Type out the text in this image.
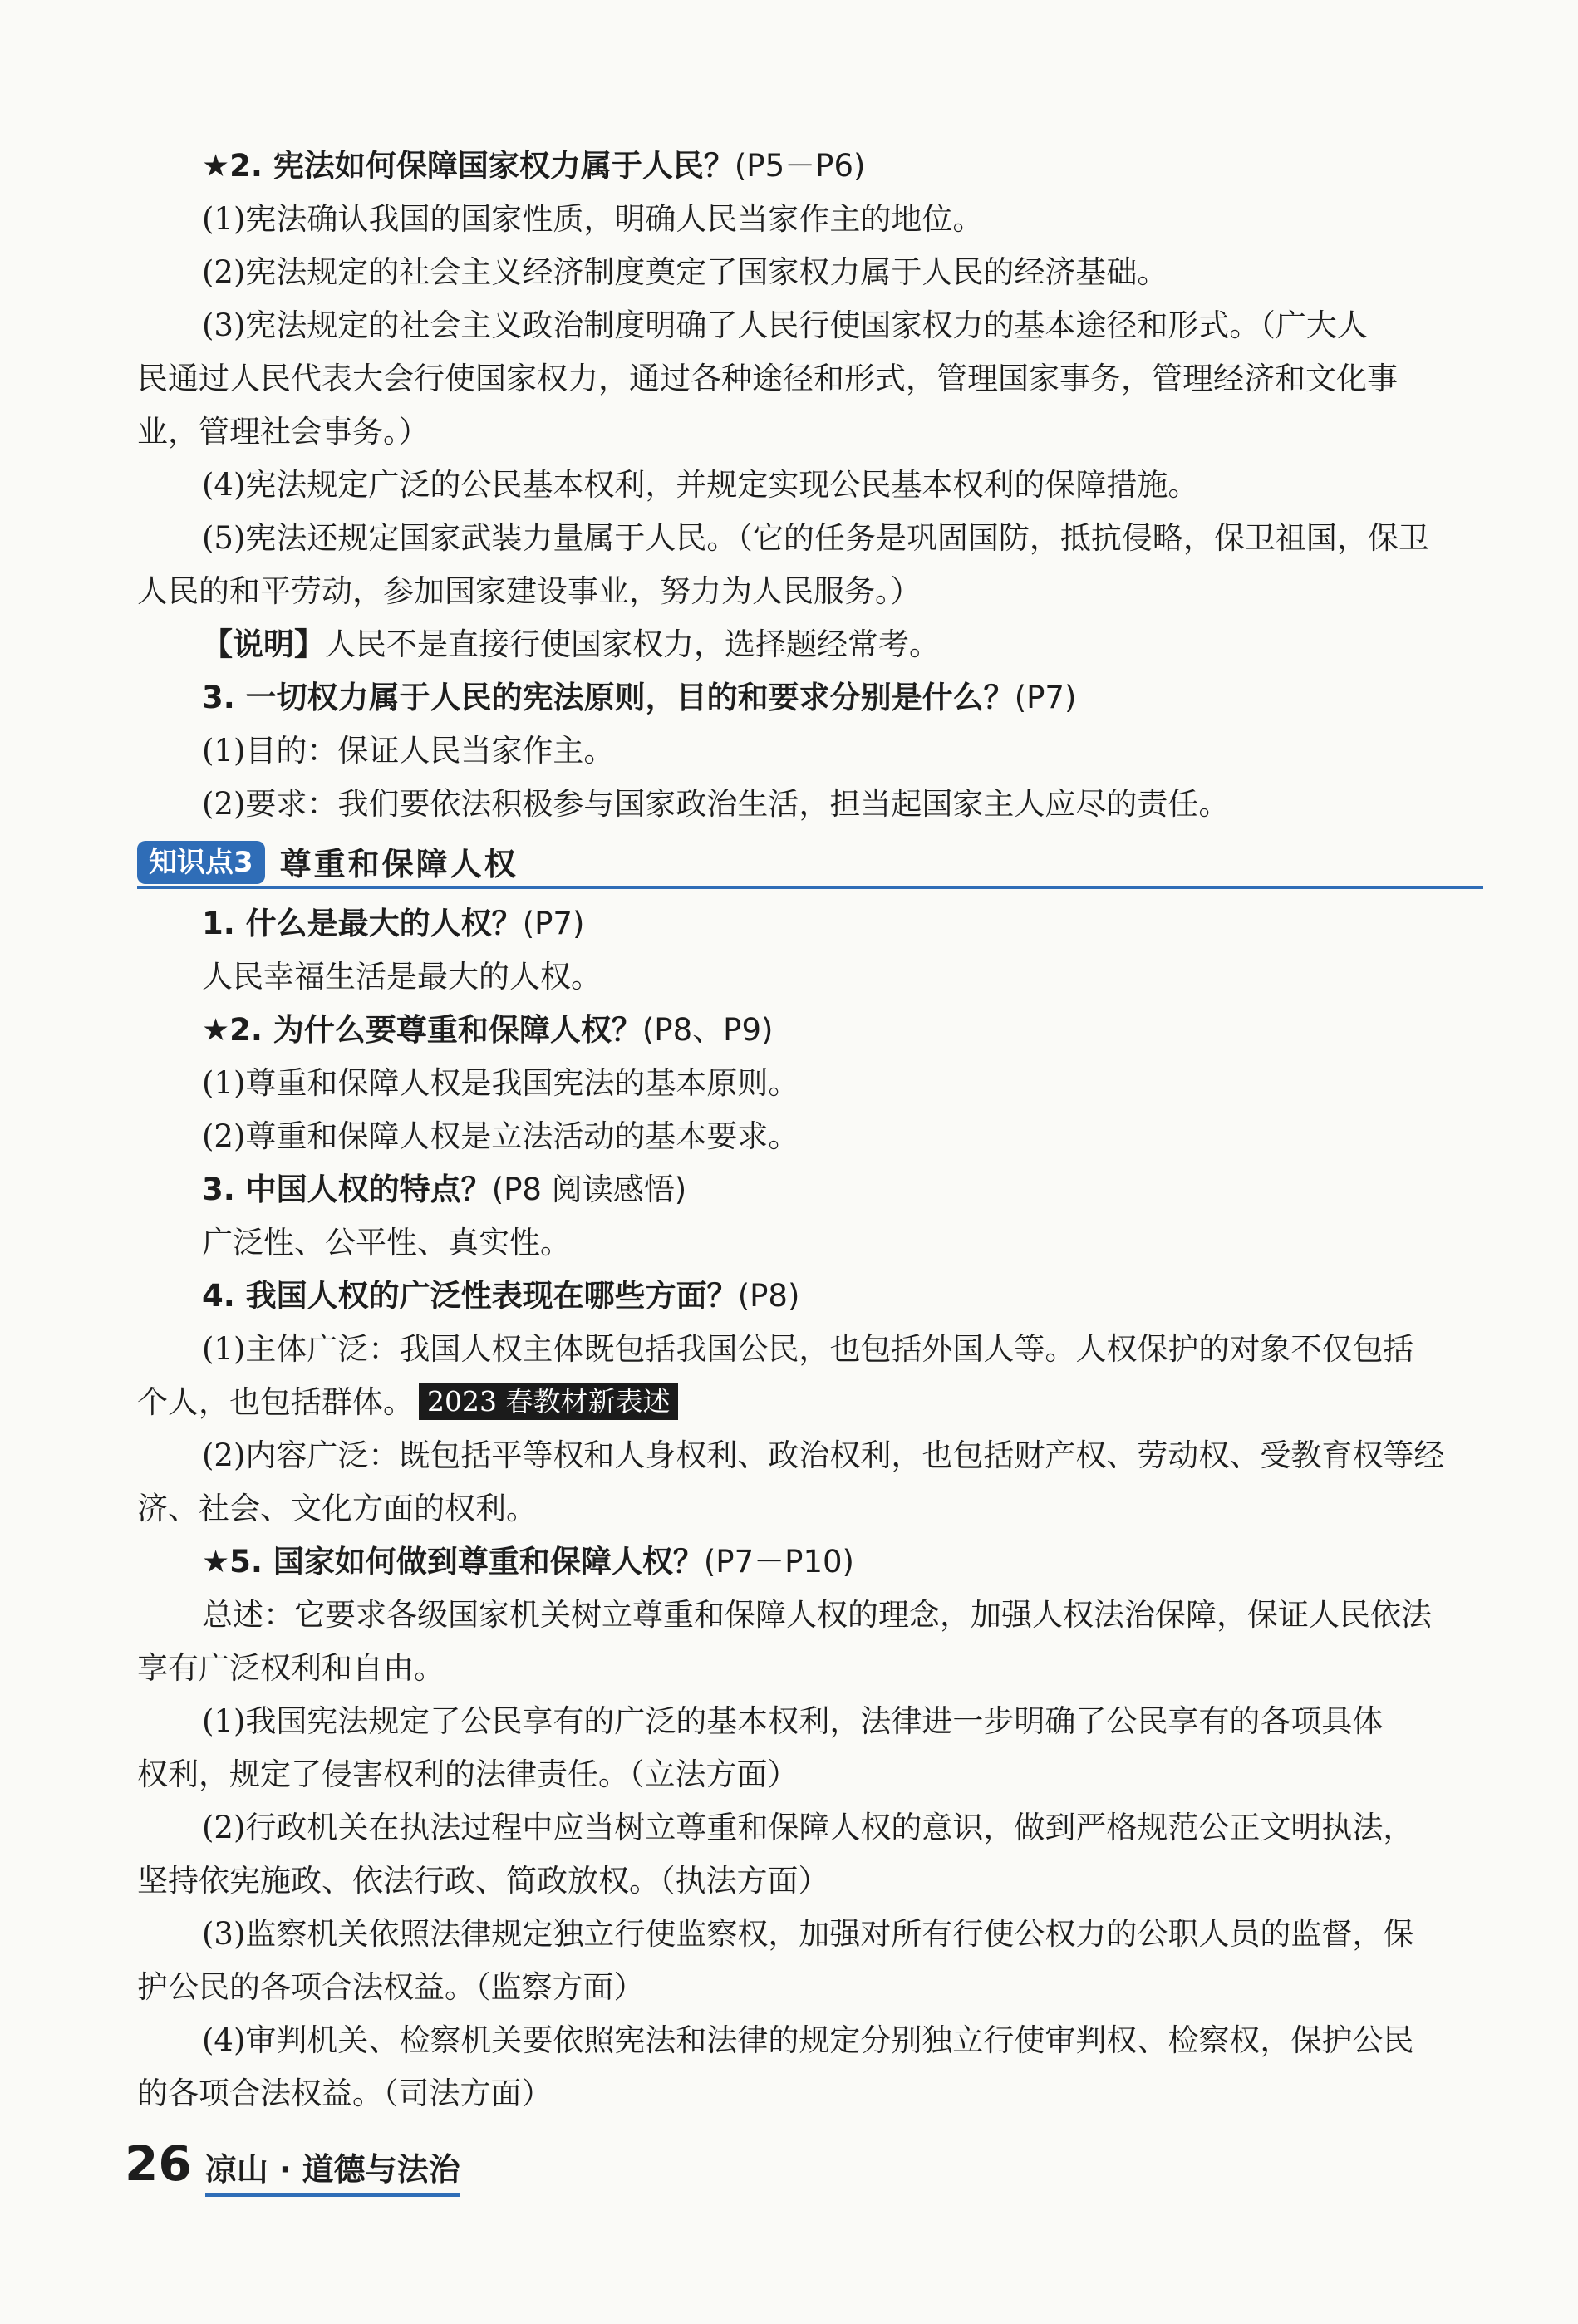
★2. 宪法如何保障国家权力属于人民？(P5－P6)

(1)宪法确认我国的国家性质，明确人民当家作主的地位。

(2)宪法规定的社会主义经济制度奠定了国家权力属于人民的经济基础。

(3)宪法规定的社会主义政治制度明确了人民行使国家权力的基本途径和形式。（广大人

民通过人民代表大会行使国家权力，通过各种途径和形式，管理国家事务，管理经济和文化事

业，管理社会事务。）

(4)宪法规定广泛的公民基本权利，并规定实现公民基本权利的保障措施。

(5)宪法还规定国家武装力量属于人民。（它的任务是巩固国防，抵抗侵略，保卫祖国，保卫

人民的和平劳动，参加国家建设事业，努力为人民服务。）

【说明】人民不是直接行使国家权力，选择题经常考。

3. 一切权力属于人民的宪法原则，目的和要求分别是什么？(P7)

(1)目的：保证人民当家作主。

(2)要求：我们要依法积极参与国家政治生活，担当起国家主人应尽的责任。

知识点3 尊重和保障人权

1. 什么是最大的人权？(P7)

人民幸福生活是最大的人权。

★2. 为什么要尊重和保障人权？(P8、P9)

(1)尊重和保障人权是我国宪法的基本原则。

(2)尊重和保障人权是立法活动的基本要求。

3. 中国人权的特点？(P8 阅读感悟)

广泛性、公平性、真实性。

4. 我国人权的广泛性表现在哪些方面？(P8)

(1)主体广泛：我国人权主体既包括我国公民，也包括外国人等。人权保护的对象不仅包括

个人，也包括群体。 2023 春教材新表述

(2)内容广泛：既包括平等权和人身权利、政治权利，也包括财产权、劳动权、受教育权等经

济、社会、文化方面的权利。

★5. 国家如何做到尊重和保障人权？(P7－P10)

总述：它要求各级国家机关树立尊重和保障人权的理念，加强人权法治保障，保证人民依法

享有广泛权利和自由。

(1)我国宪法规定了公民享有的广泛的基本权利，法律进一步明确了公民享有的各项具体

权利，规定了侵害权利的法律责任。（立法方面）

(2)行政机关在执法过程中应当树立尊重和保障人权的意识，做到严格规范公正文明执法，

坚持依宪施政、依法行政、简政放权。（执法方面）

(3)监察机关依照法律规定独立行使监察权，加强对所有行使公权力的公职人员的监督，保

护公民的各项合法权益。（监察方面）

(4)审判机关、检察机关要依照宪法和法律的规定分别独立行使审判权、检察权，保护公民

的各项合法权益。（司法方面）

26 凉山 · 道德与法治
